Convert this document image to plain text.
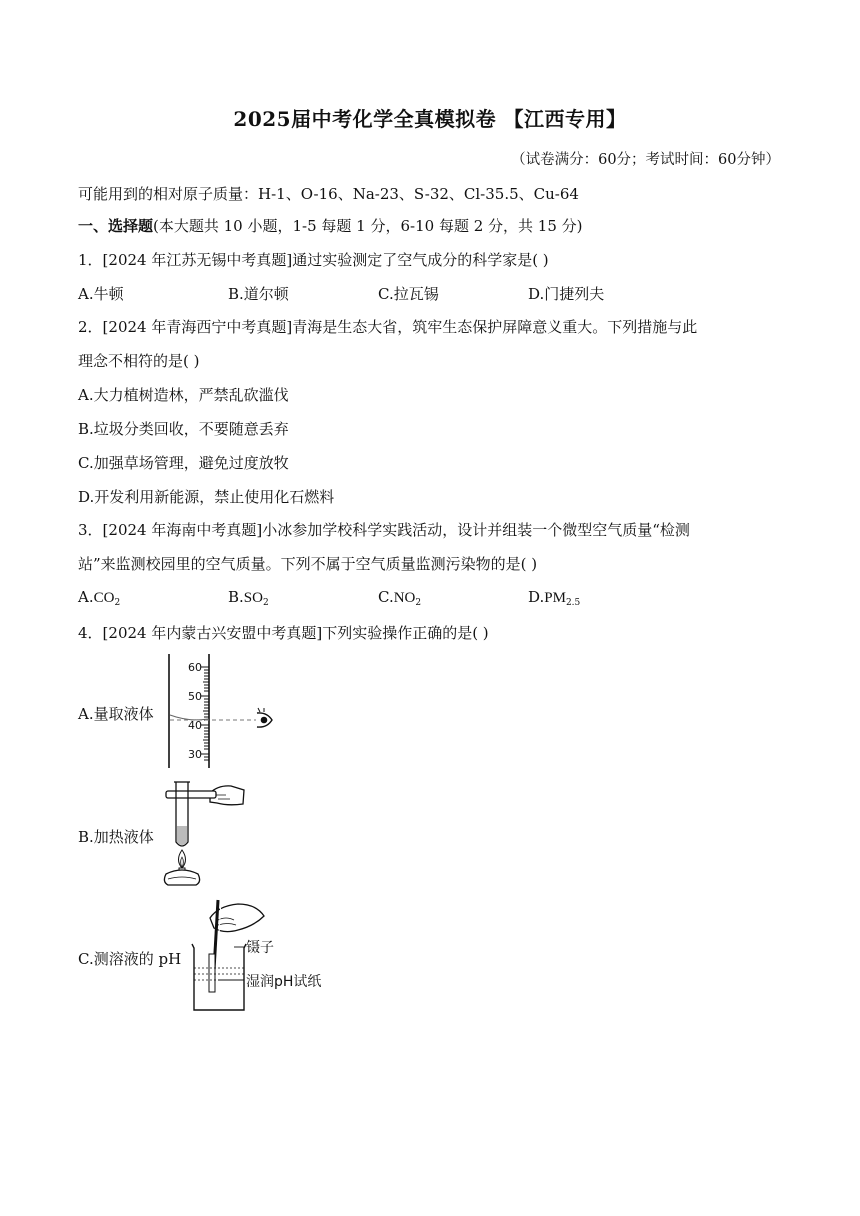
2025届中考化学全真模拟卷 【江西专用】
（试卷满分：60分；考试时间：60分钟）
可能用到的相对原子质量：H-1、O-16、Na-23、S-32、Cl-35.5、Cu-64
一、选择题(本大题共 10 小题，1-5 每题 1 分，6-10 每题 2 分，共 15 分)
1．[2024 年江苏无锡中考真题]通过实验测定了空气成分的科学家是( )
A.牛顿	B.道尔顿	C.拉瓦锡	D.门捷列夫
2．[2024 年青海西宁中考真题]青海是生态大省，筑牢生态保护屏障意义重大。下列措施与此
理念不相符的是( )
A.大力植树造林，严禁乱砍滥伐
B.垃圾分类回收，不要随意丢弃
C.加强草场管理，避免过度放牧
D.开发利用新能源，禁止使用化石燃料
3．[2024 年海南中考真题]小冰参加学校科学实践活动，设计并组装一个微型空气质量“检测
站”来监测校园里的空气质量。下列不属于空气质量监测污染物的是( )
$A.CO_2$	$B.SO_2$	$C.NO_2$	$D.PM_{2.5}$
4．[2024 年内蒙古兴安盟中考真题]下列实验操作正确的是( )
A.量取液体
60
50
40
30
B.加热液体
C.测溶液的 pH
镊子
湿润pH试纸
